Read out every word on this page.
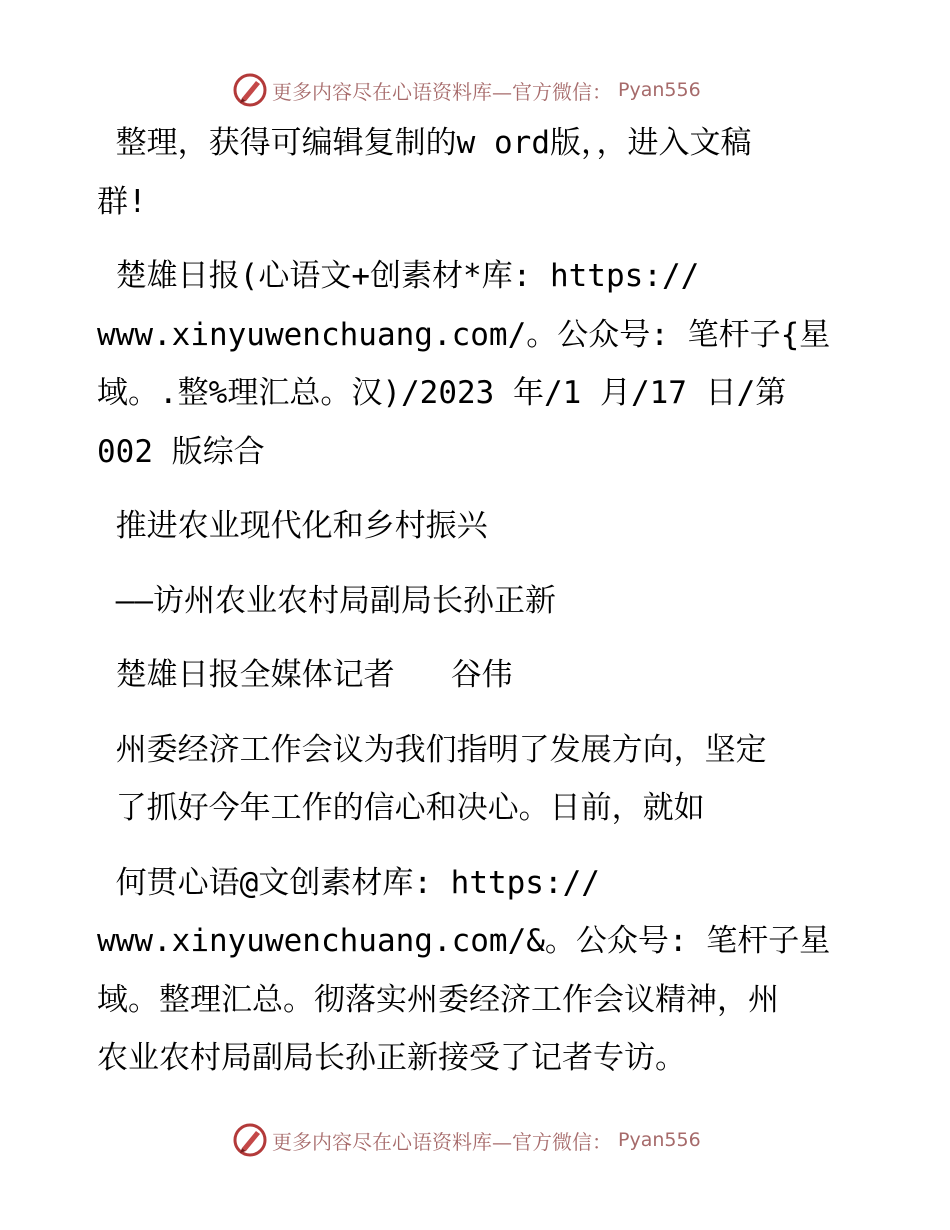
更多内容尽在心语资料库—官方微信： Pyan556
整理，获得可编辑复制的w ord版，，进入文稿
群!
楚雄日报(心语文+创素材*库: https://
www.xinyuwenchuang.com/。公众号: 笔杆子{星
域。.整%理汇总。汉)/2023 年/1 月/17 日/第
002 版综合
推进农业现代化和乡村振兴
——访州农业农村局副局长孙正新
楚雄日报全媒体记者   谷伟
州委经济工作会议为我们指明了发展方向，坚定
了抓好今年工作的信心和决心。日前，就如
何贯心语@文创素材库: https://
www.xinyuwenchuang.com/&。公众号: 笔杆子星
域。整理汇总。彻落实州委经济工作会议精神，州
农业农村局副局长孙正新接受了记者专访。
更多内容尽在心语资料库—官方微信： Pyan556
